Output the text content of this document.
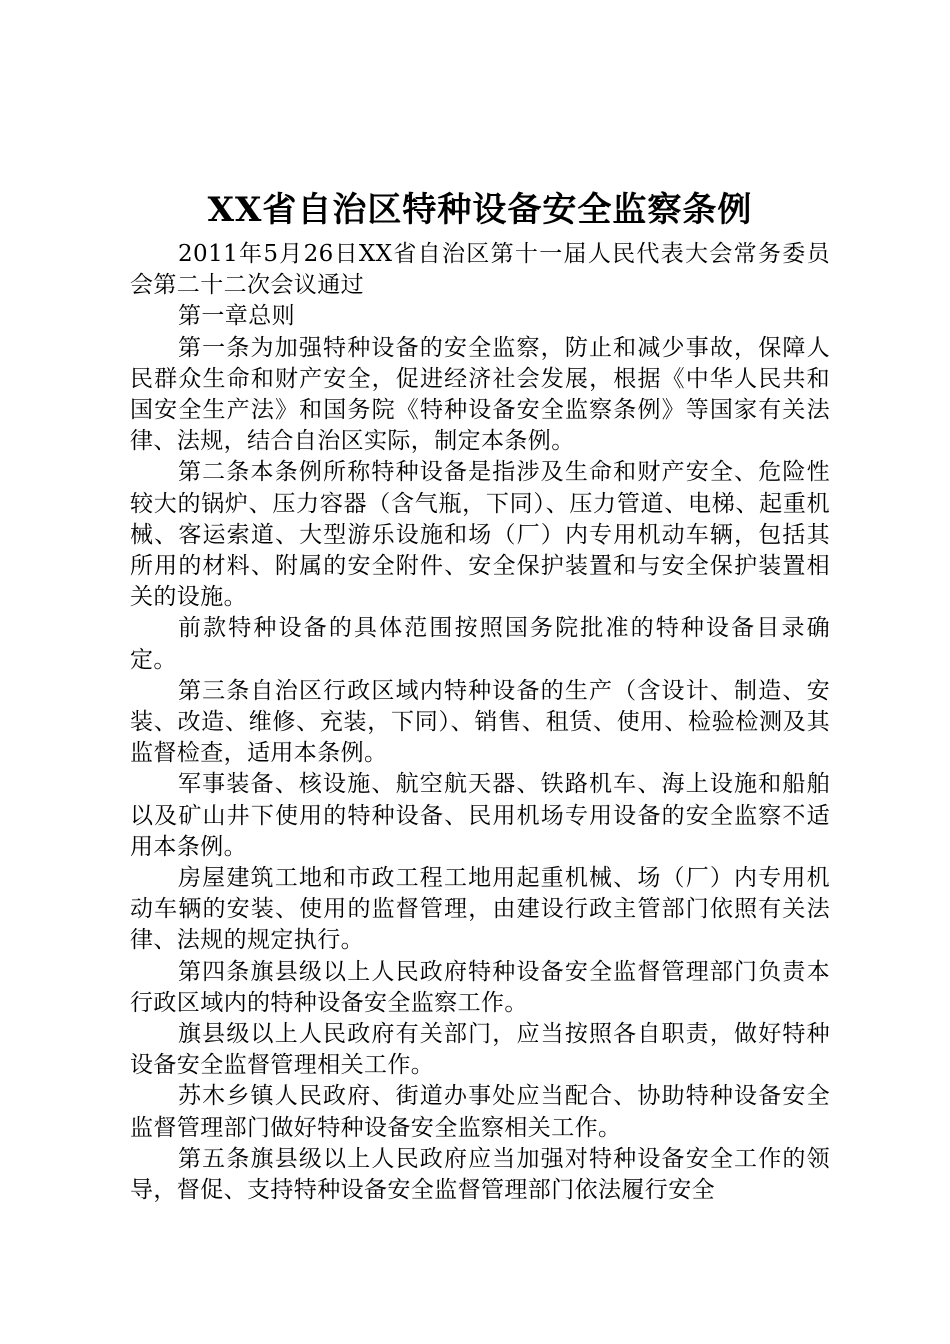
XX省自治区特种设备安全监察条例

2011年5月26日XX省自治区第十一届人民代表大会常务委员会第二十二次会议通过

第一章总则

第一条为加强特种设备的安全监察，防止和减少事故，保障人民群众生命和财产安全，促进经济社会发展，根据《中华人民共和国安全生产法》和国务院《特种设备安全监察条例》等国家有关法律、法规，结合自治区实际，制定本条例。

第二条本条例所称特种设备是指涉及生命和财产安全、危险性较大的锅炉、压力容器（含气瓶，下同）、压力管道、电梯、起重机械、客运索道、大型游乐设施和场（厂）内专用机动车辆，包括其所用的材料、附属的安全附件、安全保护装置和与安全保护装置相关的设施。

前款特种设备的具体范围按照国务院批准的特种设备目录确定。

第三条自治区行政区域内特种设备的生产（含设计、制造、安装、改造、维修、充装，下同）、销售、租赁、使用、检验检测及其监督检查，适用本条例。

军事装备、核设施、航空航天器、铁路机车、海上设施和船舶以及矿山井下使用的特种设备、民用机场专用设备的安全监察不适用本条例。

房屋建筑工地和市政工程工地用起重机械、场（厂）内专用机动车辆的安装、使用的监督管理，由建设行政主管部门依照有关法律、法规的规定执行。

第四条旗县级以上人民政府特种设备安全监督管理部门负责本行政区域内的特种设备安全监察工作。

旗县级以上人民政府有关部门，应当按照各自职责，做好特种设备安全监督管理相关工作。

苏木乡镇人民政府、街道办事处应当配合、协助特种设备安全监督管理部门做好特种设备安全监察相关工作。

第五条旗县级以上人民政府应当加强对特种设备安全工作的领导，督促、支持特种设备安全监督管理部门依法履行安全
